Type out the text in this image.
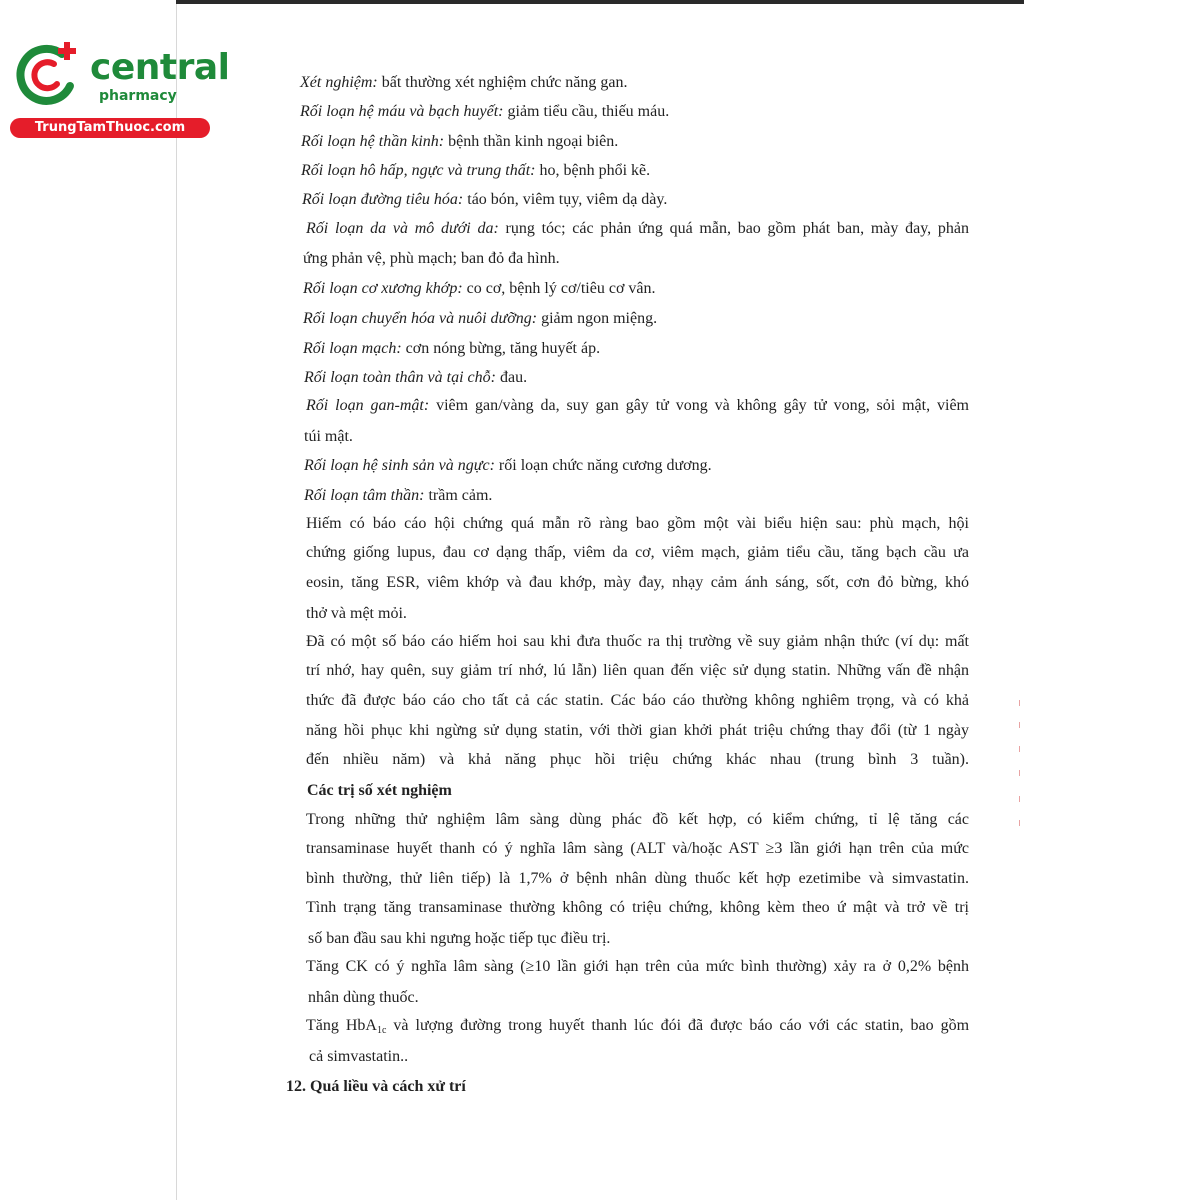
central
pharmacy
TrungTamThuoc.com
Xét nghiệm: bất thường xét nghiệm chức năng gan.
Rối loạn hệ máu và bạch huyết: giảm tiểu cầu, thiếu máu.
Rối loạn hệ thần kinh: bệnh thần kinh ngoại biên.
Rối loạn hô hấp, ngực và trung thất: ho, bệnh phổi kẽ.
Rối loạn đường tiêu hóa: táo bón, viêm tụy, viêm dạ dày.
Rối loạn da và mô dưới da: rụng tóc; các phản ứng quá mẫn, bao gồm phát ban, mày đay, phản
ứng phản vệ, phù mạch; ban đỏ đa hình.
Rối loạn cơ xương khớp: co cơ, bệnh lý cơ/tiêu cơ vân.
Rối loạn chuyển hóa và nuôi dưỡng: giảm ngon miệng.
Rối loạn mạch: cơn nóng bừng, tăng huyết áp.
Rối loạn toàn thân và tại chỗ: đau.
Rối loạn gan-mật: viêm gan/vàng da, suy gan gây tử vong và không gây tử vong, sỏi mật, viêm
túi mật.
Rối loạn hệ sinh sản và ngực: rối loạn chức năng cương dương.
Rối loạn tâm thần: trầm cảm.
Hiếm có báo cáo hội chứng quá mẫn rõ ràng bao gồm một vài biểu hiện sau: phù mạch, hội
chứng giống lupus, đau cơ dạng thấp, viêm da cơ, viêm mạch, giảm tiểu cầu, tăng bạch cầu ưa
eosin, tăng ESR, viêm khớp và đau khớp, mày đay, nhạy cảm ánh sáng, sốt, cơn đỏ bừng, khó
thở và mệt mỏi.
Đã có một số báo cáo hiếm hoi sau khi đưa thuốc ra thị trường về suy giảm nhận thức (ví dụ: mất
trí nhớ, hay quên, suy giảm trí nhớ, lú lẫn) liên quan đến việc sử dụng statin. Những vấn đề nhận
thức đã được báo cáo cho tất cả các statin. Các báo cáo thường không nghiêm trọng, và có khả
năng hồi phục khi ngừng sử dụng statin, với thời gian khởi phát triệu chứng thay đổi (từ 1 ngày
đến nhiều năm) và khả năng phục hồi triệu chứng khác nhau (trung bình 3 tuần).
Các trị số xét nghiệm
Trong những thử nghiệm lâm sàng dùng phác đồ kết hợp, có kiểm chứng, tỉ lệ tăng các
transaminase huyết thanh có ý nghĩa lâm sàng (ALT và/hoặc AST ≥3 lần giới hạn trên của mức
bình thường, thử liên tiếp) là 1,7% ở bệnh nhân dùng thuốc kết hợp ezetimibe và simvastatin.
Tình trạng tăng transaminase thường không có triệu chứng, không kèm theo ứ mật và trở về trị
số ban đầu sau khi ngưng hoặc tiếp tục điều trị.
Tăng CK có ý nghĩa lâm sàng (≥10 lần giới hạn trên của mức bình thường) xảy ra ở 0,2% bệnh
nhân dùng thuốc.
Tăng HbA$_{1c}$ và lượng đường trong huyết thanh lúc đói đã được báo cáo với các statin, bao gồm
cả simvastatin..
12. Quá liều và cách xử trí
